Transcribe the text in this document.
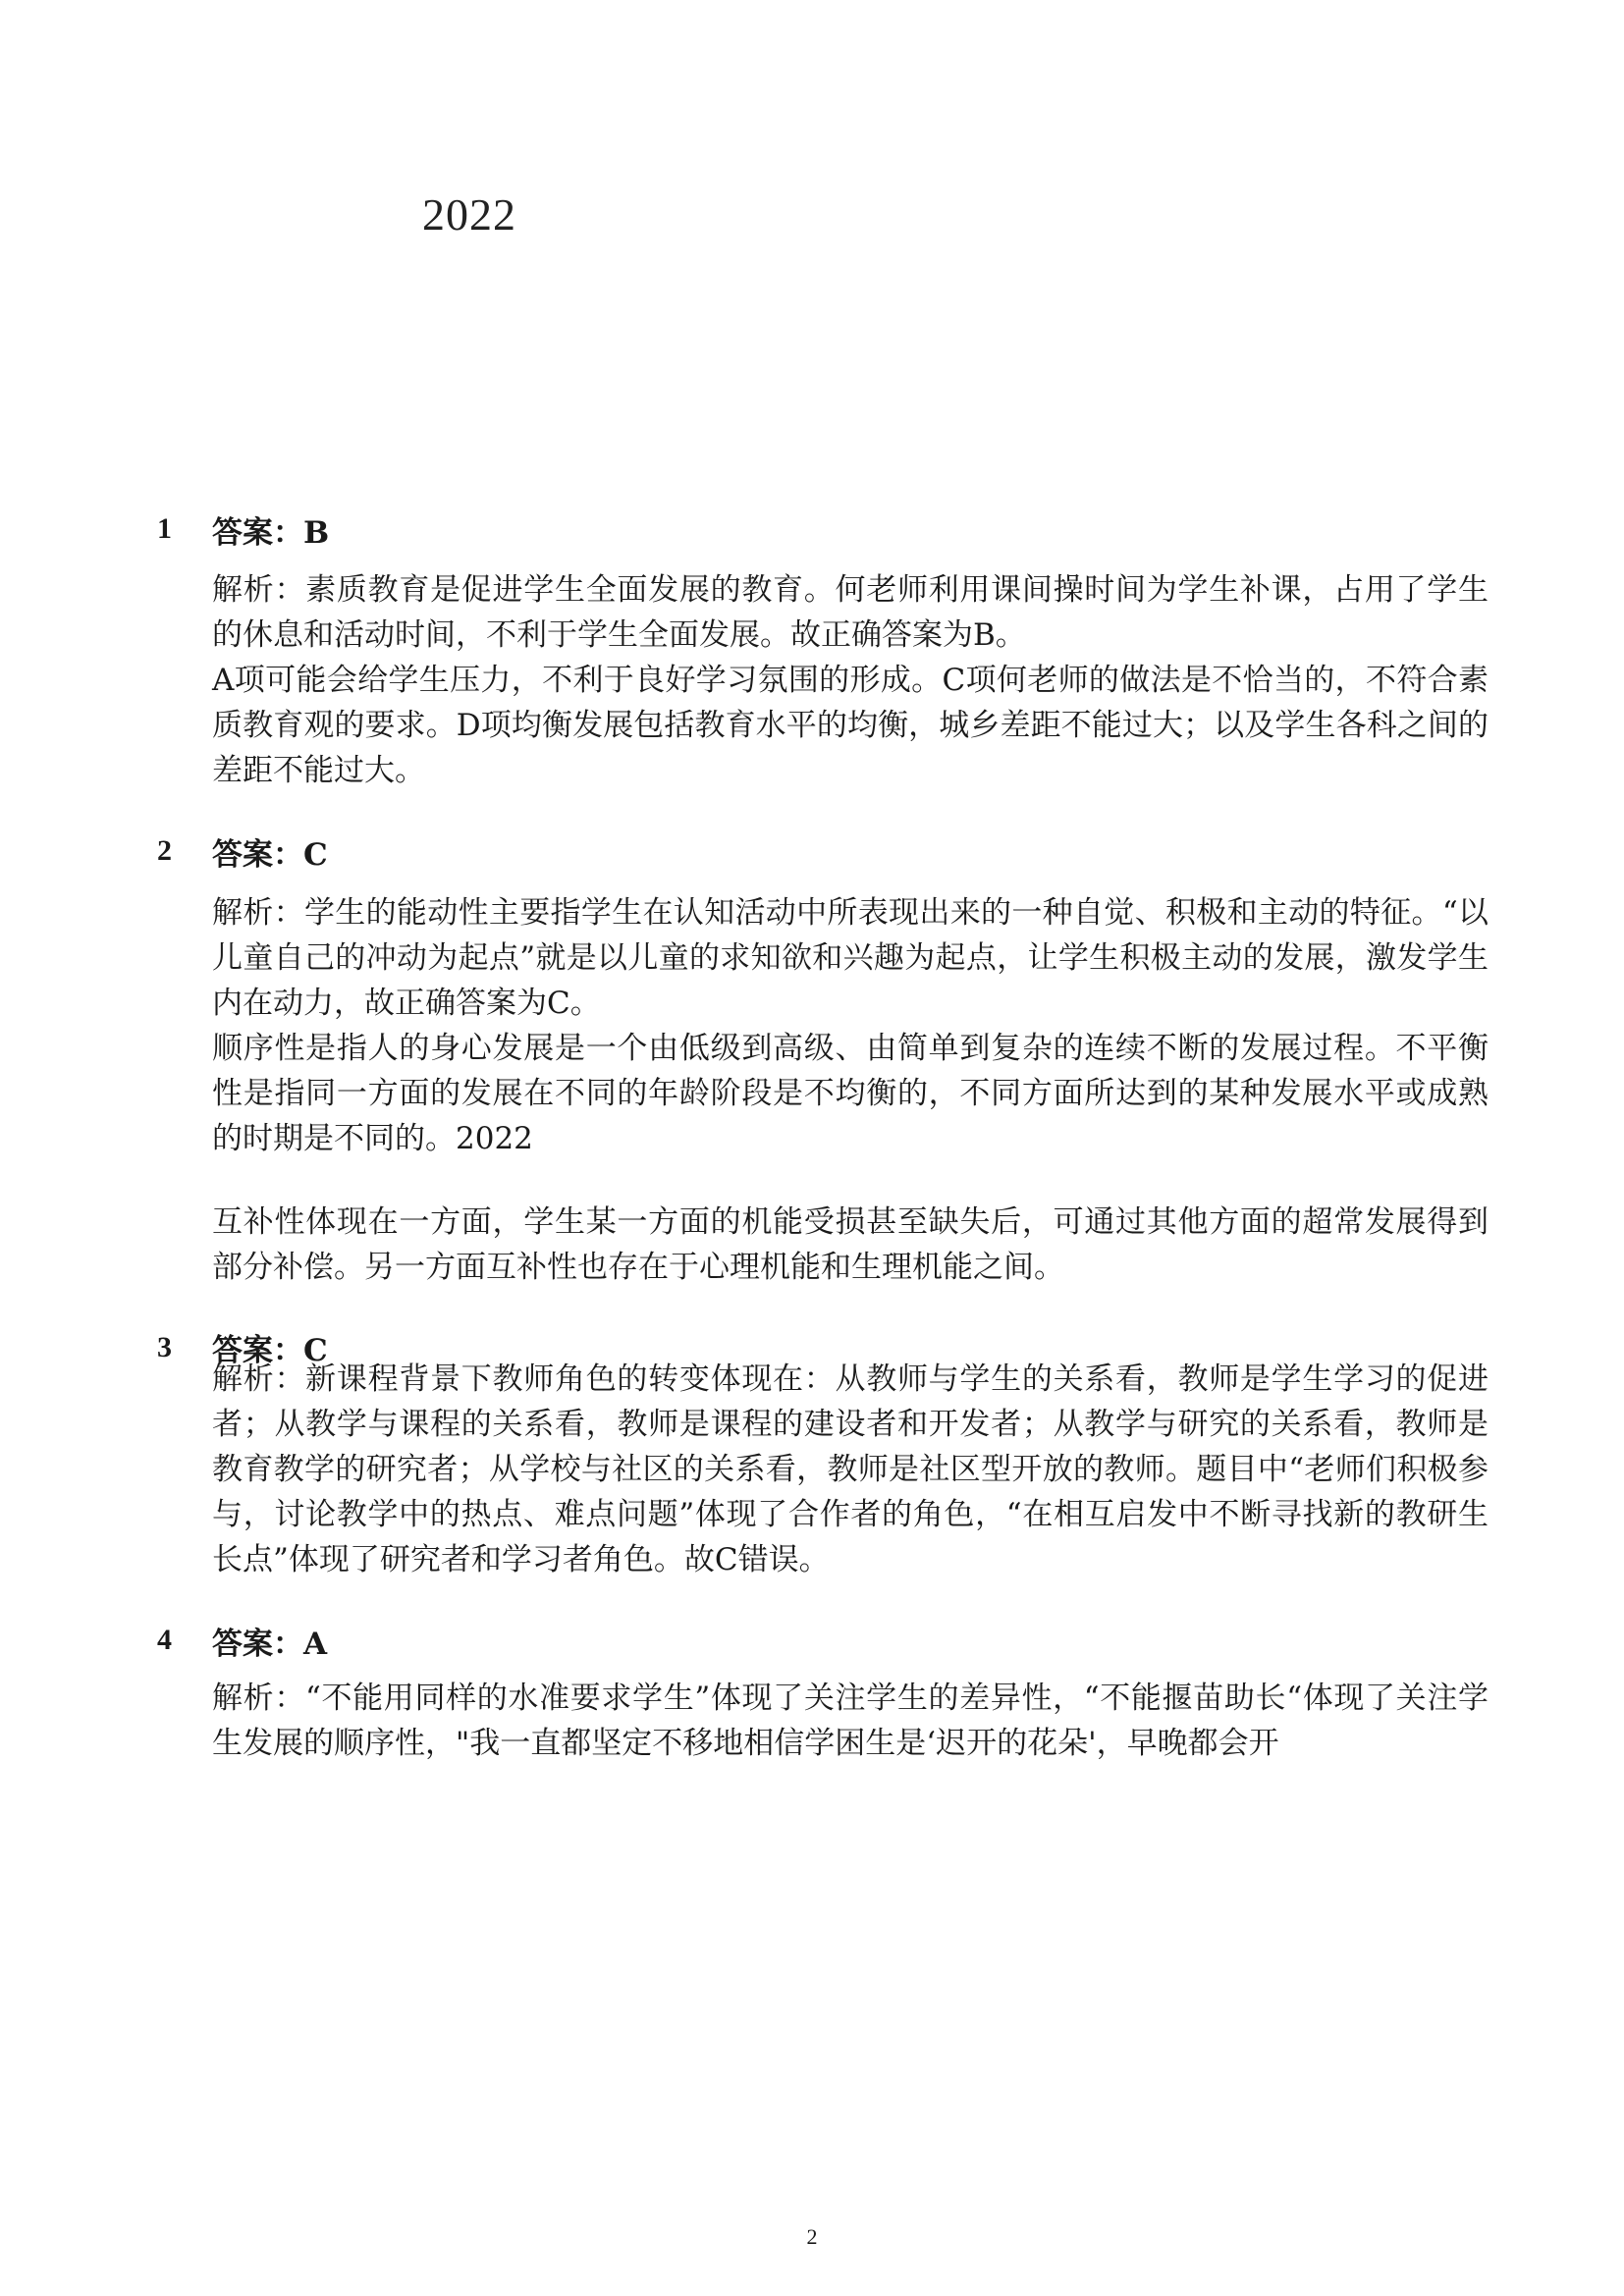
2022
1 答案：B
解析：素质教育是促进学生全面发展的教育。何老师利用课间操时间为学生补课，占用了学生的休息和活动时间，不利于学生全面发展。故正确答案为B。
A项可能会给学生压力，不利于良好学习氛围的形成。C项何老师的做法是不恰当的，不符合素质教育观的要求。D项均衡发展包括教育水平的均衡，城乡差距不能过大；以及学生各科之间的差距不能过大。
2 答案：C
解析：学生的能动性主要指学生在认知活动中所表现出来的一种自觉、积极和主动的特征。“以儿童自己的冲动为起点”就是以儿童的求知欲和兴趣为起点，让学生积极主动的发展，激发学生内在动力，故正确答案为C。
顺序性是指人的身心发展是一个由低级到高级、由简单到复杂的连续不断的发展过程。不平衡性是指同一方面的发展在不同的年龄阶段是不均衡的，不同方面所达到的某种发展水平或成熟的时期是不同的。2022
互补性体现在一方面，学生某一方面的机能受损甚至缺失后，可通过其他方面的超常发展得到部分补偿。另一方面互补性也存在于心理机能和生理机能之间。
3 答案：C
解析：新课程背景下教师角色的转变体现在：从教师与学生的关系看，教师是学生学习的促进者；从教学与课程的关系看，教师是课程的建设者和开发者；从教学与研究的关系看，教师是教育教学的研究者；从学校与社区的关系看，教师是社区型开放的教师。题目中“老师们积极参与，讨论教学中的热点、难点问题”体现了合作者的角色，“在相互启发中不断寻找新的教研生长点”体现了研究者和学习者角色。故C错误。
4 答案：A
解析：“不能用同样的水准要求学生”体现了关注学生的差异性，“不能揠苗助长“体现了关注学生发展的顺序性，"我一直都坚定不移地相信学困生是‘迟开的花朵'，早晚都会开
2
